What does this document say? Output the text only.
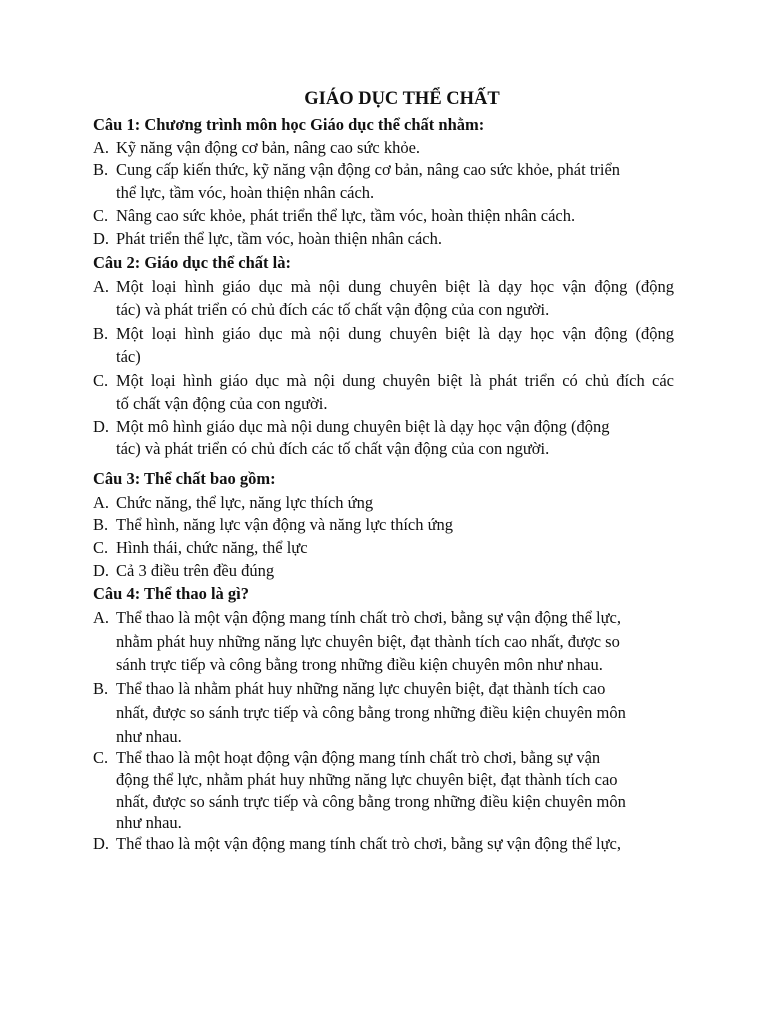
GIÁO DỤC THỂ CHẤT
Câu 1: Chương trình môn học Giáo dục thể chất nhằm:
A. Kỹ năng vận động cơ bản, nâng cao sức khỏe.
B. Cung cấp kiến thức, kỹ năng vận động cơ bản, nâng cao sức khỏe, phát triển
thể lực, tầm vóc, hoàn thiện nhân cách.
C. Nâng cao sức khỏe, phát triển thể lực, tầm vóc, hoàn thiện nhân cách.
D. Phát triển thể lực, tầm vóc, hoàn thiện nhân cách.
Câu 2: Giáo dục thể chất là:
A. Một loại hình giáo dục mà nội dung chuyên biệt là dạy học vận động (động
tác) và phát triển có chủ đích các tố chất vận động của con người.
B. Một loại hình giáo dục mà nội dung chuyên biệt là dạy học vận động (động
tác)
C. Một loại hình giáo dục mà nội dung chuyên biệt là phát triển có chủ đích các
tố chất vận động của con người.
D. Một mô hình giáo dục mà nội dung chuyên biệt là dạy học vận động (động
tác) và phát triển có chủ đích các tố chất vận động của con người.
Câu 3: Thể chất bao gồm:
A. Chức năng, thể lực, năng lực thích ứng
B. Thể hình, năng lực vận động và năng lực thích ứng
C. Hình thái, chức năng, thể lực
D. Cả 3 điều trên đều đúng
Câu 4: Thể thao là gì?
A. Thể thao là một vận động mang tính chất trò chơi, bằng sự vận động thể lực,
nhằm phát huy những năng lực chuyên biệt, đạt thành tích cao nhất, được so
sánh trực tiếp và công bằng trong những điều kiện chuyên môn như nhau.
B. Thể thao là nhằm phát huy những năng lực chuyên biệt, đạt thành tích cao
nhất, được so sánh trực tiếp và công bằng trong những điều kiện chuyên môn
như nhau.
C. Thể thao là một hoạt động vận động mang tính chất trò chơi, bằng sự vận
động thể lực, nhằm phát huy những năng lực chuyên biệt, đạt thành tích cao
nhất, được so sánh trực tiếp và công bằng trong những điều kiện chuyên môn
như nhau.
D. Thể thao là một vận động mang tính chất trò chơi, bằng sự vận động thể lực,
